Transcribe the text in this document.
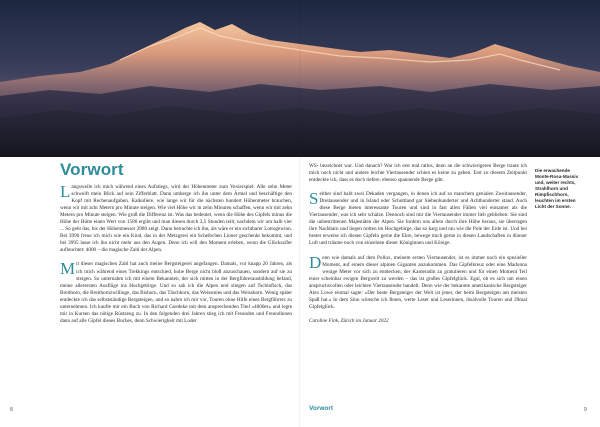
Vorwort

Langsweile ich mich während eines Aufstiegs, wird der Höhenmeter zum Vexierspiel: Alle zehn Meter schweift mein Blick auf sein Zifferblatt. Dann umberge ich ihn unter dem Ärmel und beschäftige den Kopf mit Rechenaufgaben. Kalkuliere, wie lange wir für die nächsten hundert Höhenmeter brauchen, wenn wir mit acht Metern pro Minute steigen. Wie viel Höhe wir in zehn Minuten schaffen, wenn wir mit zehn Metern pro Minute steigen. Wie groß die Differenz ist. Was das bedeutet, wenn die Höhe des Gipfels minus die Höhe der Hütte einen Wert von 1580 ergibt und man diesen durch 3,5 Stunden teilt, nachdem wir um halb vier ... So geht das, bis der Höhenmesser 3980 zeigt. Dann betrachte ich ihn, als wäre er ein sichtbarer Lottogewinn. Bei 3990 freue ich mich wie ein Kind, das in der Metzgerei ein Scheibchen Lioner geschenkt bekommt, und bei 3995 lasse ich ihn nicht mehr aus den Augen. Denn ich will den Moment erleben, wenn die Glückszifer aufleuchtet: 4000 – die magische Zahl der Alpen.

Mit dieser magischen Zahl hat auch meine Bergsteigerei angefangen. Damals, vor knapp 20 Jahren, als ich mich während eines Trekkings entschied, hohe Berge nicht bloß anzuschauen, sondern auf sie zu steigen. So unternahm ich mit einem Bekannten, der sich mitten in der Bergführerausbildung befand, meine allerersten Ausflüge ins Hochgebirge. Und so sah ich die Alpen und stiegen auf Tschinfisch, das Breithorn, die Breithornzwillinge, das Bishorn, das Täschhorn, das Weissmies und das Weisshorn. Wenig später entdeckte ich das selbstständige Bergsteigen, und so nahm ich mir vor, Touren ohne Hilfe eines Bergführers zu unternehmen. Ich kaufte mir ein Buch von Richard Goedeke mit dem ansprechenden Titel »4000er« und legte mir in Kursen das nötige Rüstzeug zu. In den folgenden drei Jahren stieg ich mit Freunden und Freundinnen dann auf alle Gipfel dieses Buches, denn Schwierigkeit mit Loder

WS- bezeichnet war. Und danach? War ich erst mal ratlos, denn an die schwierigeren Berge traute ich mich noch nicht und andere leichte Viertausender schien es keine zu geben. Erst zu diesem Zeitpunkt entdeckte ich, dass es doch tiefere, ebenso spannende Berge gibt.

Seither sind bald zwei Dekaden vergangen, in denen ich auf so manchem genialen Zweitausender, Dreitausender und in Island oder Schottland gar Siebenhunderter und Achthunderter stand. Auch diese Berge bieten interessante Touren und sind in fast allen Fällen viel einsamer als die Viertausender, was ich sehr schätze. Dennoch sind mir die Viertausender immer lieb geblieben: Sie sind die unbestrittenen Majestäten der Alpen. Sie fordern uns allein durch ihre Höhe heraus, sie überragen ihre Nachbarn und liegen mitten im Hochgebirge, das so karg und rau wie die Pole der Erde ist. Und bei bester erweise ich diesen Gipfeln gerne die Ehre, bewege mich gerne in diesen Landschaften in dünner Luft und träume noch von einzelnen dieser Königinnen und Könige.

Denn wie damals auf dem Pollux, meinem ersten Viertausender, ist es immer noch ein spezieller Moment, auf einem dieser alpinen Giganten anzukommen. Das Gipfelkreuz oder eine Madonna wenige Meter vor sich zu entdecken, der Kameradin zu gratulieren und für einen Moment Teil einer scheinbar ewigen Bergwelt zu werden – das ist großes Gipfelglück. Egal, ob es sich um einen anspruchsvollen oder leichten Viertausender handelt. Denn wie der bekannte amerikanische Bergsteiger Alex Lowe einmal sagte: »Der beste Bergsteiger der Welt ist jener, der beim Bergsteigen am meisten Spaß hat.« In dem Sinn wünsche ich Ihnen, werte Leser und Leserinnen, lösalvolle Touren und 39mal Gipfelglück.

Caroline Fink, Zürich im Januar 2022

Die erwachende Monte-Rosa-Massiv und, weiter rechts, Strahlhorn und Rimpfischhorn, leuchten im ersten Licht der Sonne.
8	Vorwort	9
